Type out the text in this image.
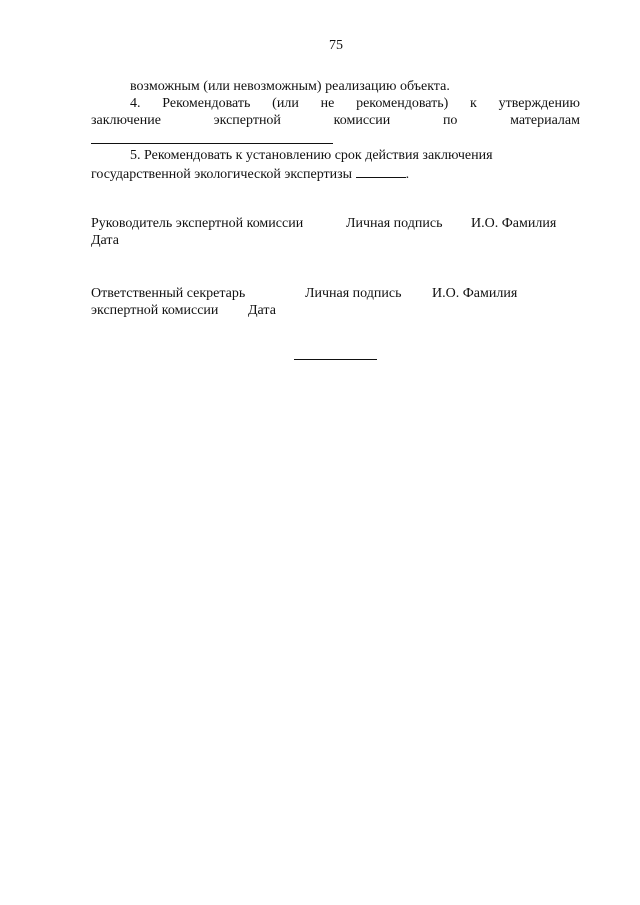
75
возможным (или невозможным) реализацию объекта.
4. Рекомендовать (или не рекомендовать) к утверждению
заключение	экспертной	комиссии	по	материалам
5. Рекомендовать к установлению срок действия заключения
государственной экологической экспертизы	.
Руководитель экспертной комиссии	Личная подпись И.О. Фамилия
Дата
Ответственный секретарь	Личная подпись И.О. Фамилия
экспертной комиссии Дата
